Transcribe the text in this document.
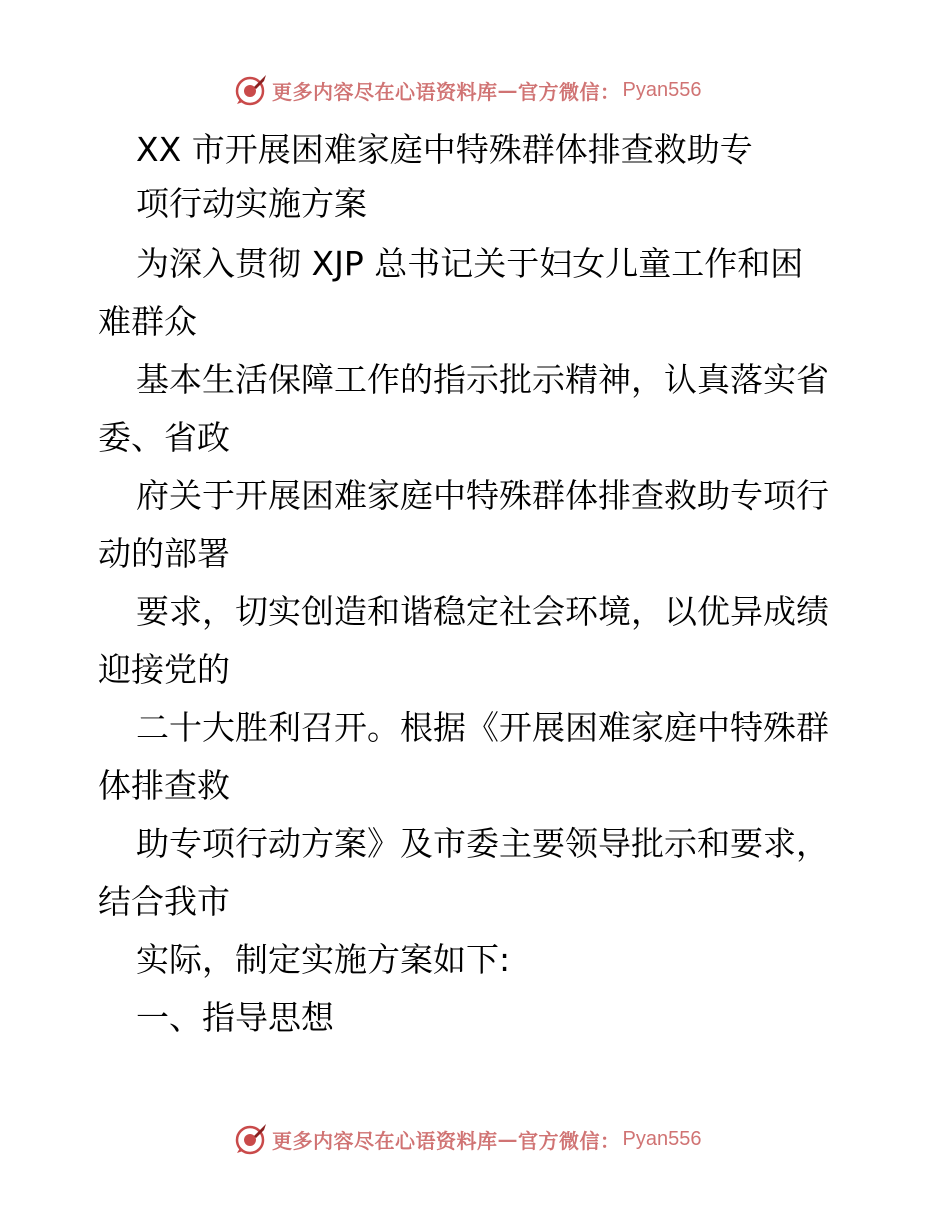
更多内容尽在心语资料库 — 官方微信： Pyan556
XX 市开展困难家庭中特殊群体排查救助专
项行动实施方案
为深入贯彻 XJP 总书记关于妇女儿童工作和困
难群众
基本生活保障工作的指示批示精神，认真落实省
委、省政
府关于开展困难家庭中特殊群体排查救助专项行
动的部署
要求，切实创造和谐稳定社会环境，以优异成绩
迎接党的
二十大胜利召开。根据《开展困难家庭中特殊群
体排查救
助专项行动方案》及市委主要领导批示和要求，
结合我市
实际，制定实施方案如下:
一、指导思想
更多内容尽在心语资料库 — 官方微信： Pyan556
